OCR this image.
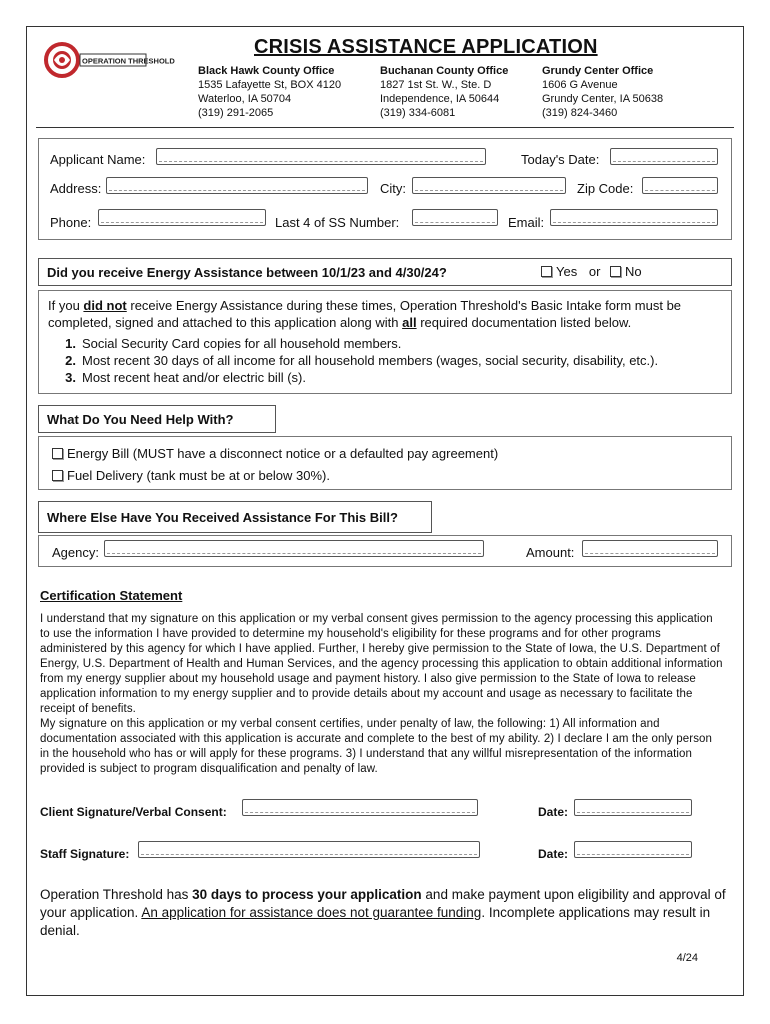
OPERATION THRESHOLD
CRISIS ASSISTANCE APPLICATION
Black Hawk County Office
1535 Lafayette St, BOX 4120
Waterloo, IA 50704
(319) 291-2065
Buchanan County Office
1827 1st St. W., Ste. D
Independence, IA 50644
(319) 334-6081
Grundy Center Office
1606 G Avenue
Grundy Center, IA 50638
(319) 824-3460
Applicant Name:	Today's Date:
Address:	City:	Zip Code:
Phone:	Last 4 of SS Number:	Email:
Did you receive Energy Assistance between 10/1/23 and 4/30/24?	Yes or No
If you did not receive Energy Assistance during these times, Operation Threshold's Basic Intake form must be completed, signed and attached to this application along with all required documentation listed below.
1. Social Security Card copies for all household members.
2. Most recent 30 days of all income for all household members (wages, social security, disability, etc.).
3. Most recent heat and/or electric bill (s).
What Do You Need Help With?
Energy Bill (MUST have a disconnect notice or a defaulted pay agreement)
Fuel Delivery (tank must be at or below 30%).
Where Else Have You Received Assistance For This Bill?
Agency:	Amount:
Certification Statement
I understand that my signature on this application or my verbal consent gives permission to the agency processing this application to use the information I have provided to determine my household's eligibility for these programs and for other programs administered by this agency for which I have applied. Further, I hereby give permission to the State of Iowa, the U.S. Department of Energy, U.S. Department of Health and Human Services, and the agency processing this application to obtain additional information from my energy supplier about my household usage and payment history. I also give permission to the State of Iowa to release application information to my energy supplier and to provide details about my account and usage as necessary to facilitate the receipt of benefits.
My signature on this application or my verbal consent certifies, under penalty of law, the following: 1) All information and documentation associated with this application is accurate and complete to the best of my ability. 2) I declare I am the only person in the household who has or will apply for these programs. 3) I understand that any willful misrepresentation of the information provided is subject to program disqualification and penalty of law.
Client Signature/Verbal Consent:	Date:
Staff Signature:	Date:
Operation Threshold has 30 days to process your application and make payment upon eligibility and approval of your application. An application for assistance does not guarantee funding. Incomplete applications may result in denial.
4/24
